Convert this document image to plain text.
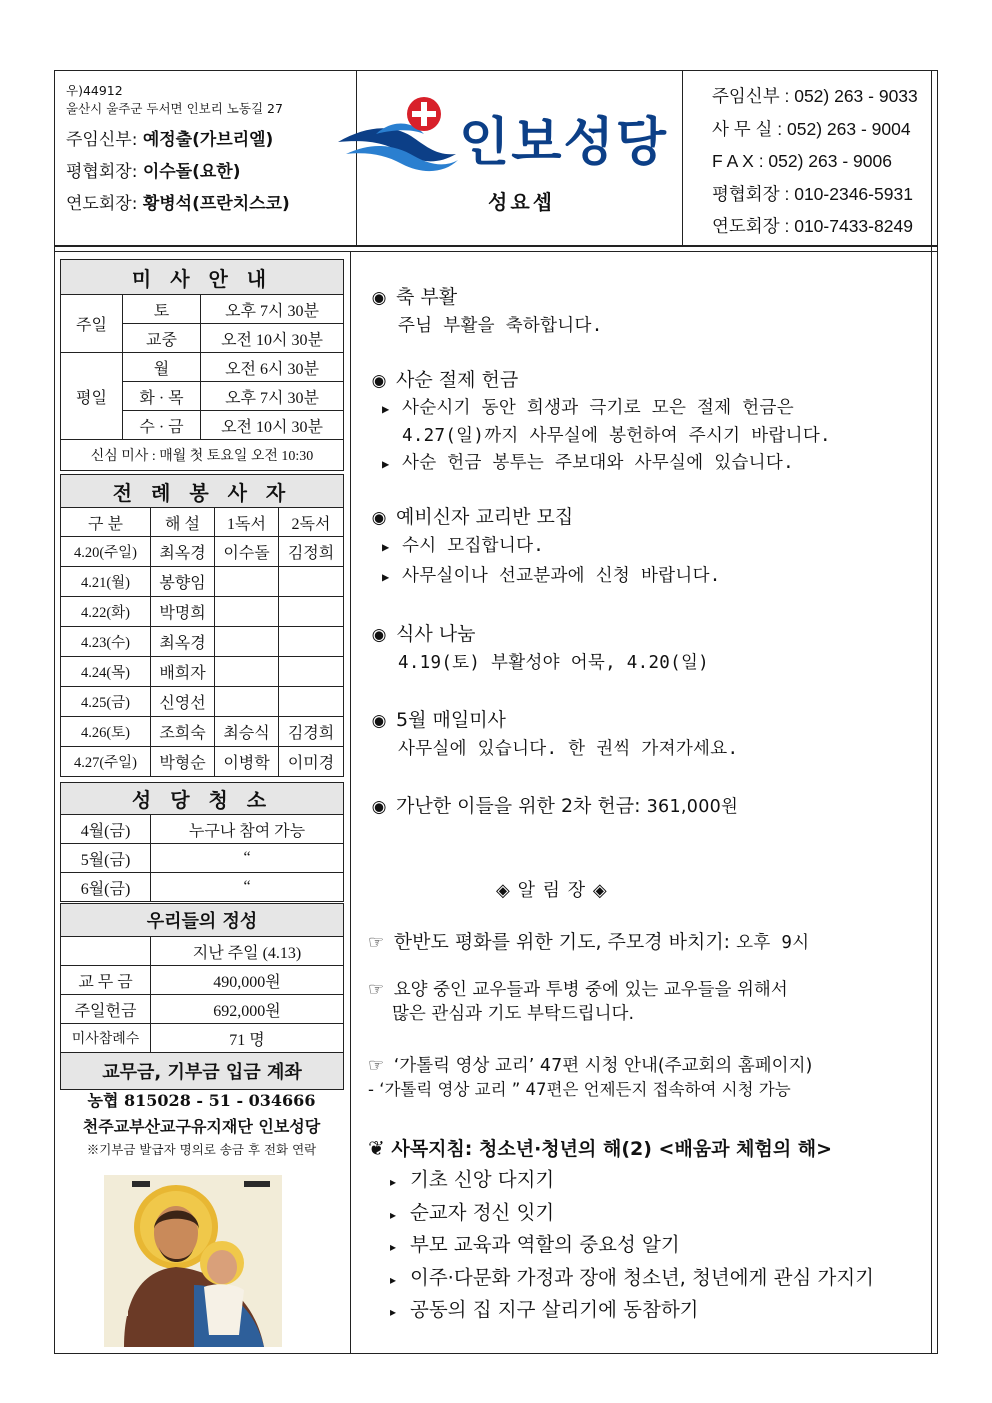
우)44912
울산시 울주군 두서면 인보리 노동길 27
주임신부: 예정출(가브리엘)
평협회장: 이수돌(요한)
연도회장: 황병석(프란치스코)
인보성당
성요셉
주임신부 : 052) 263 - 9033
사 무 실 : 052) 263 - 9004
F A X : 052) 263 - 9006
평협회장 : 010-2346-5931
연도회장 : 010-7433-8249
미 사 안 내		
주일	토	오후 7시 30분
	교중	오전 10시 30분
평일	월	오전 6시 30분
	화 · 목	오후 7시 30분
	수 · 금	오전 10시 30분
신심 미사 : 매월 첫 토요일 오전 10:30		
전 례 봉 사 자			
구 분	해 설	1독서	2독서
4.20(주일)	최옥경	이수돌	김정희
4.21(월)	봉향임		
4.22(화)	박명희		
4.23(수)	최옥경		
4.24(목)	배희자		
4.25(금)	신영선		
4.26(토)	조희숙	최승식	김경희
4.27(주일)	박형순	이병학	이미경
성 당 청 소	
4월(금)	누구나 참여 가능
5월(금)	“
6월(금)	“
우리들의 정성	
	지난 주일 (4.13)
교 무 금	490,000원
주일헌금	692,000원
미사참례수	71 명
교무금, 기부금 입금 계좌	
농협 815028 - 51 - 034666
천주교부산교구유지재단 인보성당
※기부금 발급자 명의로 송금 후 전화 연락
◉ 축 부활
주님 부활을 축하합니다.
◉ 사순 절제 헌금
▶ 사순시기 동안 희생과 극기로 모은 절제 헌금은
4.27(일)까지 사무실에 봉헌하여 주시기 바랍니다.
▶ 사순 헌금 봉투는 주보대와 사무실에 있습니다.
◉ 예비신자 교리반 모집
▶ 수시 모집합니다.
▶ 사무실이나 선교분과에 신청 바랍니다.
◉ 식사 나눔
4.19(토) 부활성야 어묵, 4.20(일)
◉ 5월 매일미사
사무실에 있습니다. 한 권씩 가져가세요.
◉ 가난한 이들을 위한 2차 헌금: 361,000원
◈ 알 림 장 ◈
☞ 한반도 평화를 위한 기도, 주모경 바치기: 오후 9시
☞ 요양 중인 교우들과 투병 중에 있는 교우들을 위해서
많은 관심과 기도 부탁드립니다.
☞ ‘가톨릭 영상 교리’ 47편 시청 안내(주교회의 홈페이지)
- ‘가톨릭 영상 교리 ” 47편은 언제든지 접속하여 시청 가능
❦ 사목지침: 청소년·청년의 해(2) <배움과 체험의 해>
▸ 기초 신앙 다지기
▸ 순교자 정신 잇기
▸ 부모 교육과 역할의 중요성 알기
▸ 이주·다문화 가정과 장애 청소년, 청년에게 관심 가지기
▸ 공동의 집 지구 살리기에 동참하기
